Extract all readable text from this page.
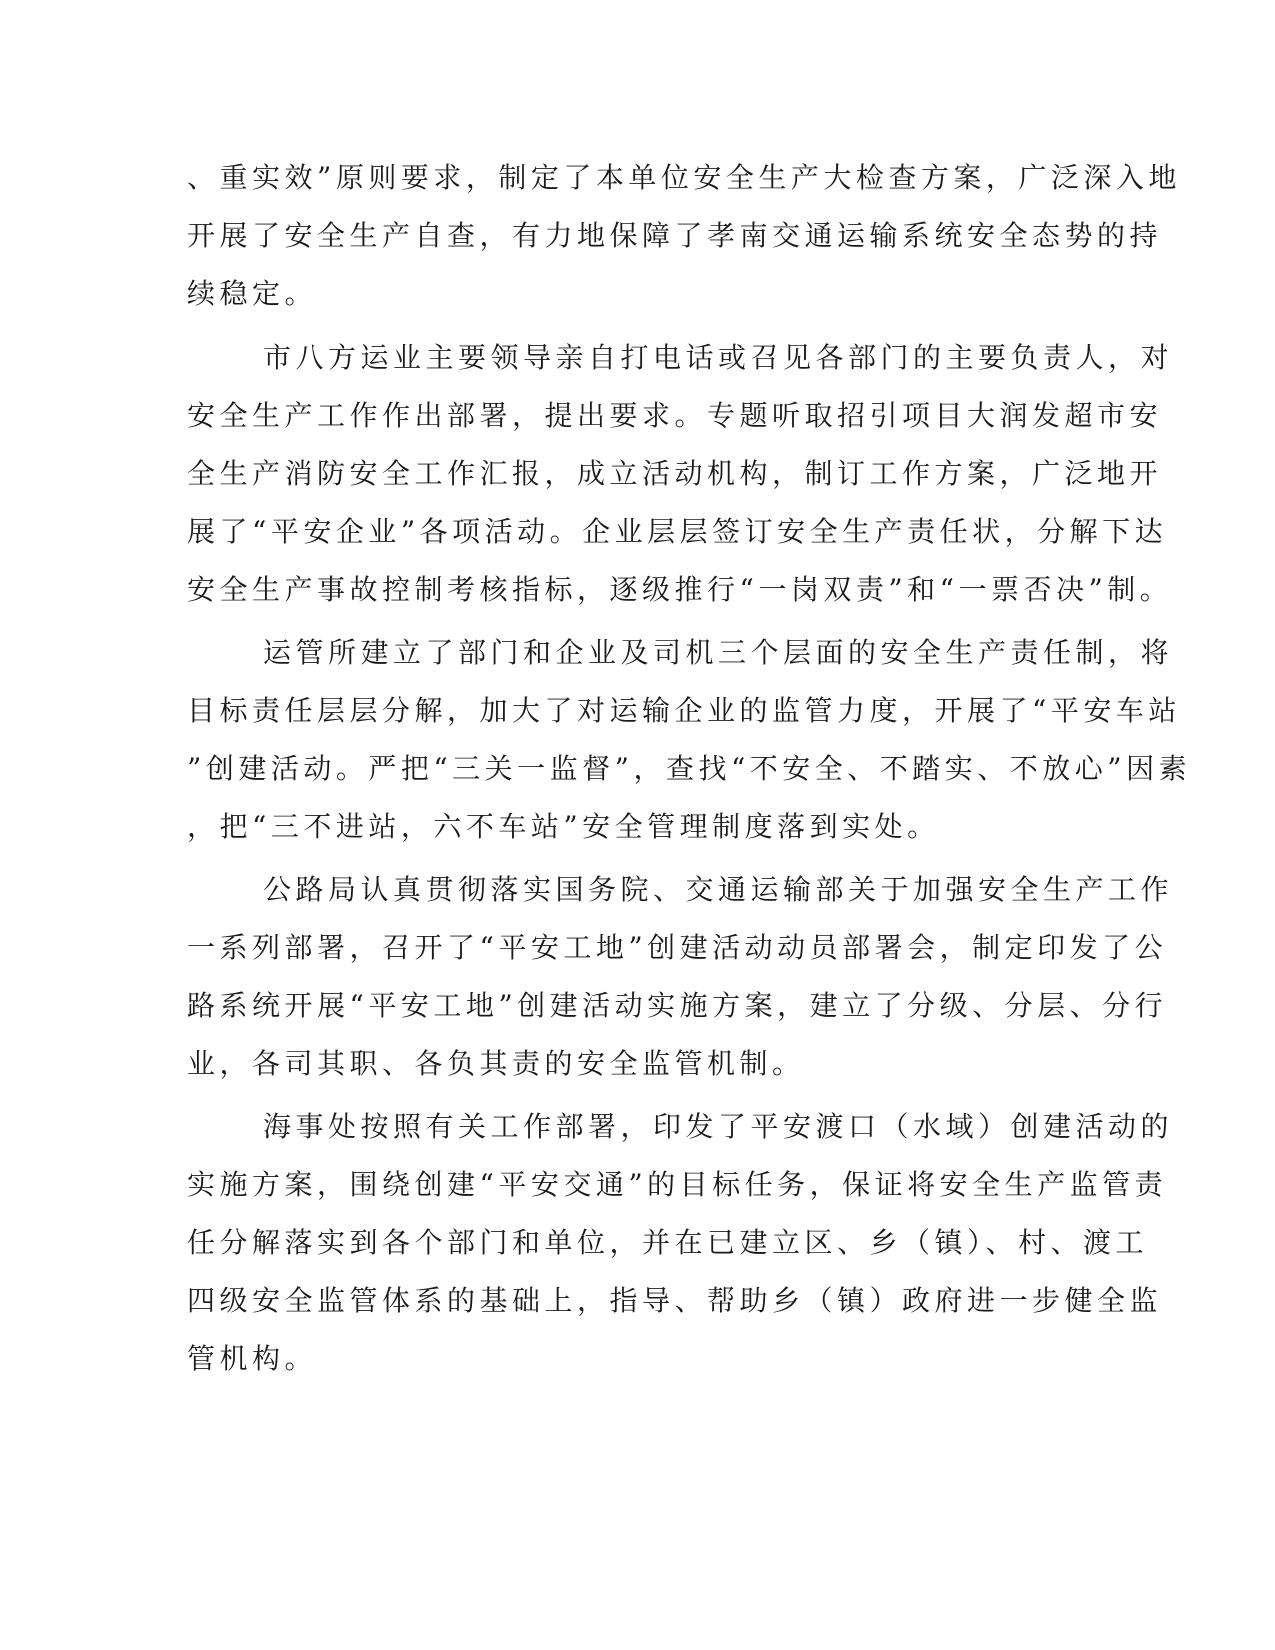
、重实效”原则要求，制定了本单位安全生产大检查方案，广泛深入地
开展了安全生产自查，有力地保障了孝南交通运输系统安全态势的持
续稳定。
市八方运业主要领导亲自打电话或召见各部门的主要负责人，对
安全生产工作作出部署，提出要求。专题听取招引项目大润发超市安
全生产消防安全工作汇报，成立活动机构，制订工作方案，广泛地开
展了“平安企业”各项活动。企业层层签订安全生产责任状，分解下达
安全生产事故控制考核指标，逐级推行“一岗双责”和“一票否决”制。
运管所建立了部门和企业及司机三个层面的安全生产责任制，将
目标责任层层分解，加大了对运输企业的监管力度，开展了“平安车站
”创建活动。严把“三关一监督”，查找“不安全、不踏实、不放心”因素
，把“三不进站，六不车站”安全管理制度落到实处。
公路局认真贯彻落实国务院、交通运输部关于加强安全生产工作
一系列部署，召开了“平安工地”创建活动动员部署会，制定印发了公
路系统开展“平安工地”创建活动实施方案，建立了分级、分层、分行
业，各司其职、各负其责的安全监管机制。
海事处按照有关工作部署，印发了平安渡口（水域）创建活动的
实施方案，围绕创建“平安交通”的目标任务，保证将安全生产监管责
任分解落实到各个部门和单位，并在已建立区、乡（镇）、村、渡工
四级安全监管体系的基础上，指导、帮助乡（镇）政府进一步健全监
管机构。
